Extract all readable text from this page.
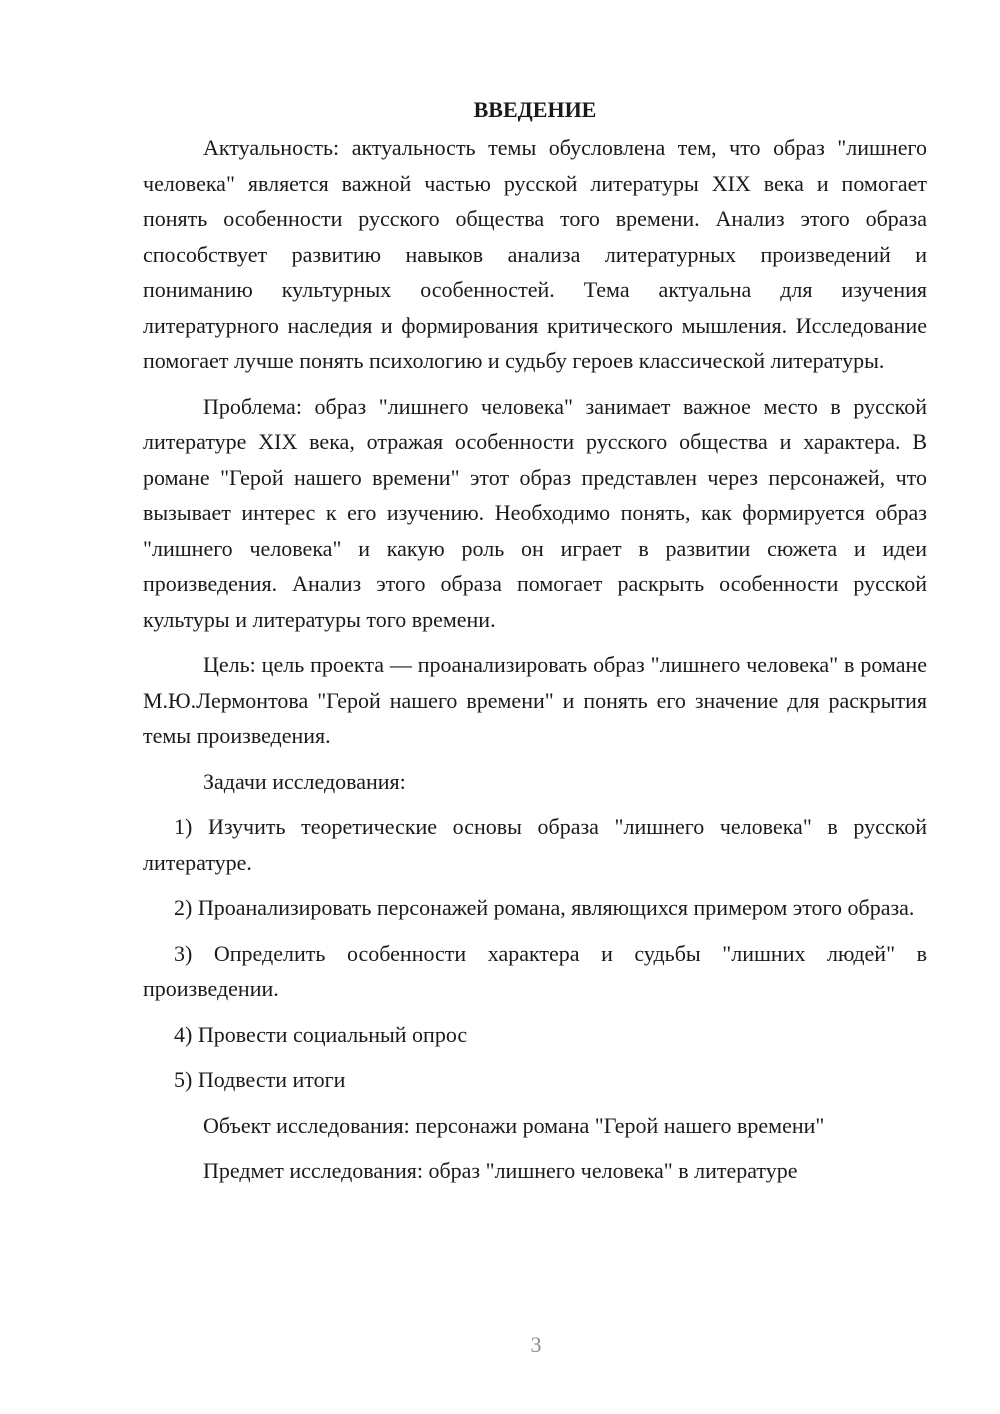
ВВЕДЕНИЕ

Актуальность: актуальность темы обусловлена тем, что образ "лишнего человека" является важной частью русской литературы XIX века и помогает понять особенности русского общества того времени. Анализ этого образа способствует развитию навыков анализа литературных произведений и пониманию культурных особенностей. Тема актуальна для изучения литературного наследия и формирования критического мышления. Исследование помогает лучше понять психологию и судьбу героев классической литературы.

Проблема: образ "лишнего человека" занимает важное место в русской литературе XIX века, отражая особенности русского общества и характера. В романе "Герой нашего времени" этот образ представлен через персонажей, что вызывает интерес к его изучению. Необходимо понять, как формируется образ "лишнего человека" и какую роль он играет в развитии сюжета и идеи произведения. Анализ этого образа помогает раскрыть особенности русской культуры и литературы того времени.

Цель: цель проекта — проанализировать образ "лишнего человека" в романе М.Ю.Лермонтова "Герой нашего времени" и понять его значение для раскрытия темы произведения.

Задачи исследования:

1) Изучить теоретические основы образа "лишнего человека" в русской литературе.

2) Проанализировать персонажей романа, являющихся примером этого образа.

3) Определить особенности характера и судьбы "лишних людей" в произведении.

4) Провести социальный опрос

5) Подвести итоги

Объект исследования: персонажи романа "Герой нашего времени"

Предмет исследования: образ "лишнего человека" в литературе

3
